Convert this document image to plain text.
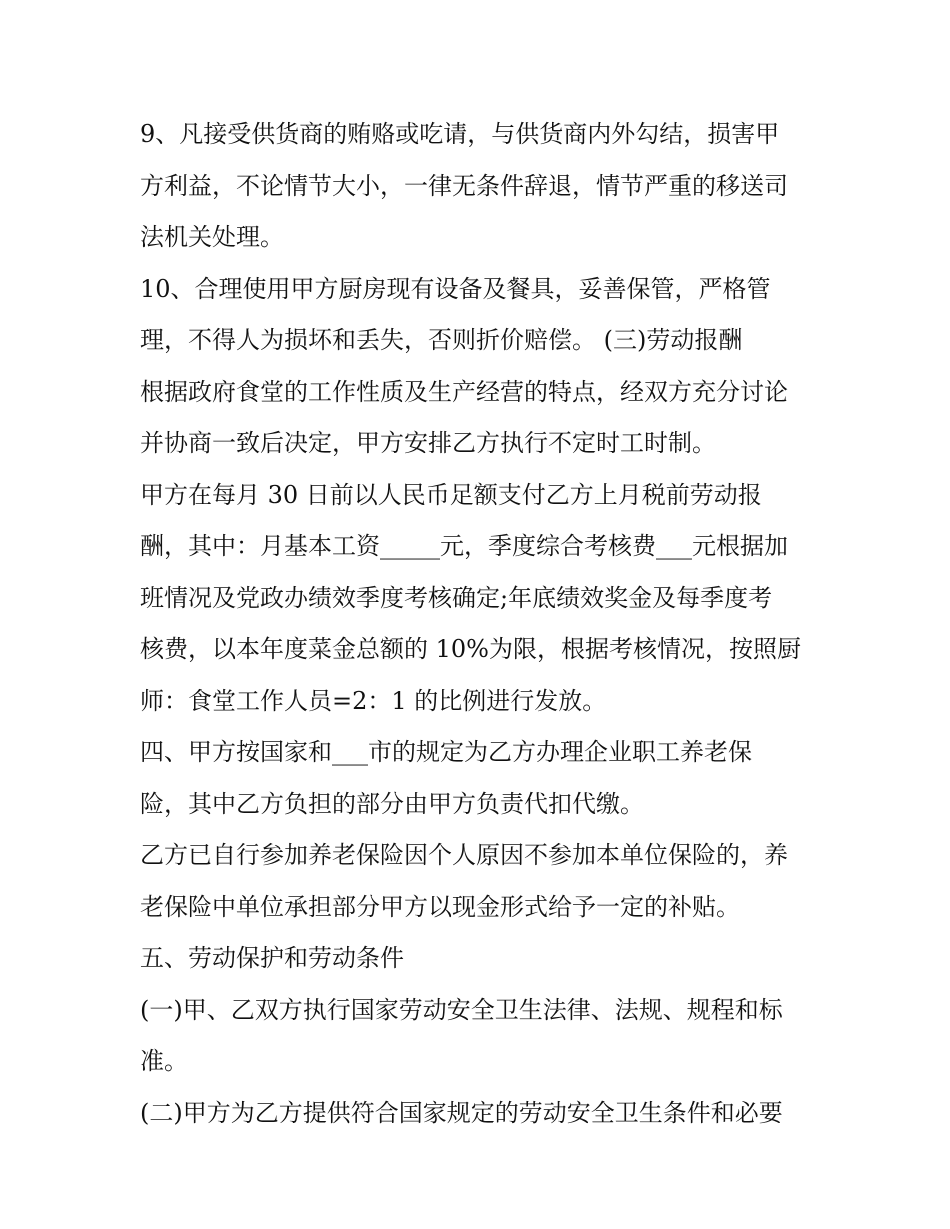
9、凡接受供货商的贿赂或吃请，与供货商内外勾结，损害甲
方利益，不论情节大小，一律无条件辞退，情节严重的移送司
法机关处理。
10、合理使用甲方厨房现有设备及餐具，妥善保管，严格管
理，不得人为损坏和丢失，否则折价赔偿。 (三)劳动报酬
根据政府食堂的工作性质及生产经营的特点，经双方充分讨论
并协商一致后决定，甲方安排乙方执行不定时工时制。
甲方在每月 30 日前以人民币足额支付乙方上月税前劳动报
酬，其中：月基本工资_____元，季度综合考核费___元根据加
班情况及党政办绩效季度考核确定;年底绩效奖金及每季度考
核费，以本年度菜金总额的 10%为限，根据考核情况，按照厨
师：食堂工作人员=2：1 的比例进行发放。
四、甲方按国家和___市的规定为乙方办理企业职工养老保
险，其中乙方负担的部分由甲方负责代扣代缴。
乙方已自行参加养老保险因个人原因不参加本单位保险的，养
老保险中单位承担部分甲方以现金形式给予一定的补贴。
五、劳动保护和劳动条件
(一)甲、乙双方执行国家劳动安全卫生法律、法规、规程和标
准。
(二)甲方为乙方提供符合国家规定的劳动安全卫生条件和必要
